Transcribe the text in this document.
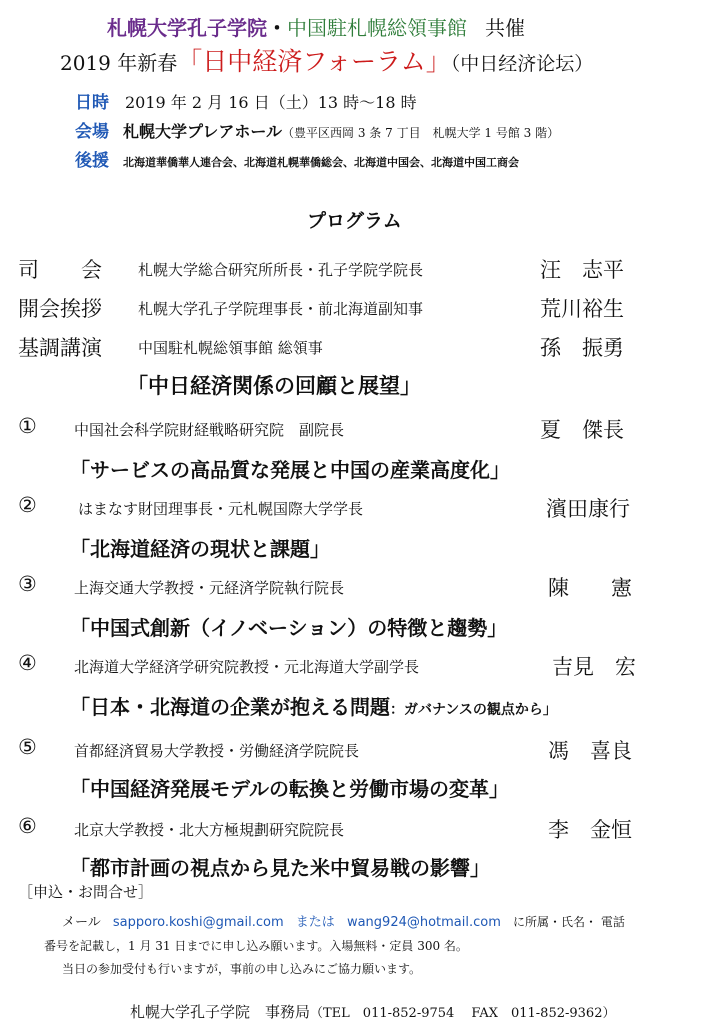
札幌大学孔子学院・中国駐札幌総領事館 共催
2019 年新春「日中経済フォーラム」（中日经济论坛）
日時 2019 年 2 月 16 日（土）13 時～18 時
会場 札幌大学プレアホール（豊平区西岡 3 条 7 丁目　札幌大学 1 号館 3 階）
後援 北海道華僑華人連合会、北海道札幌華僑総会、北海道中国会、北海道中国工商会
プログラム
司　　会 札幌大学総合研究所所長・孔子学院学院長	汪　志平
開会挨拶 札幌大学孔子学院理事長・前北海道副知事	荒川裕生
基調講演 中国駐札幌総領事館 総領事	孫　振勇
「中日経済関係の回顧と展望」
① 中国社会科学院財経戦略研究院　副院長	夏　傑長
「サービスの高品質な発展と中国の産業高度化」
②	はまなす財団理事長・元札幌国際大学学長	濱田康行
「北海道経済の現状と課題」
③ 上海交通大学教授・元経済学院執行院長	陳　　憲
「中国式創新（イノベーション）の特徴と趨勢」
④ 北海道大学経済学研究院教授・元北海道大学副学長	吉見　宏
「日本・北海道の企業が抱える問題：ガバナンスの観点から」
⑤ 首都経済貿易大学教授・労働経済学院院長	馮　喜良
「中国経済発展モデルの転換と労働市場の変革」
⑥ 北京大学教授・北大方極規劃研究院院長	李　金恒
「都市計画の視点から見た米中貿易戦の影響」
［申込・お問合せ］
メール sapporo.koshi@gmail.com または wang924@hotmail.com に所属・氏名・ 電話
番号を記載し，1 月 31 日までに申し込み願います。入場無料・定員 300 名。
当日の参加受付も行いますが，事前の申し込みにご協力願います。
札幌大学孔子学院　事務局（TEL　011-852-9754　 FAX　011-852-9362）
